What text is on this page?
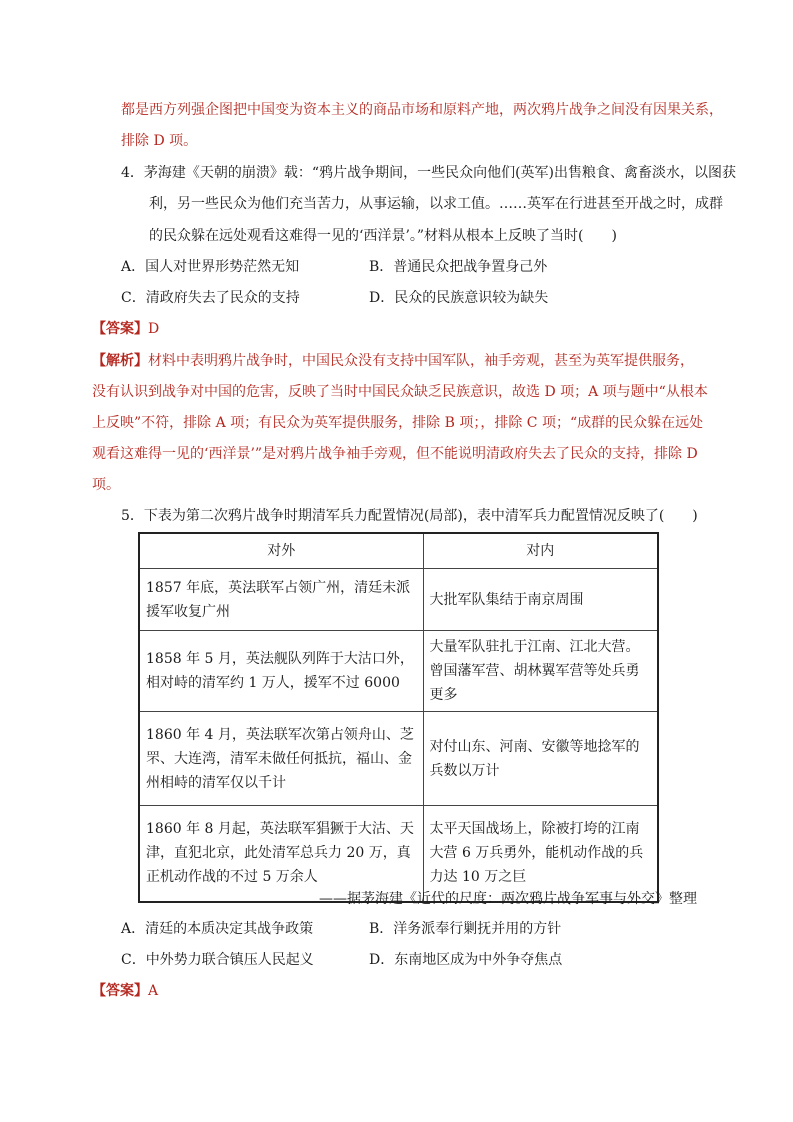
都是西方列强企图把中国变为资本主义的商品市场和原料产地，两次鸦片战争之间没有因果关系，
排除 D 项。
4．茅海建《天朝的崩溃》载：“鸦片战争期间，一些民众向他们(英军)出售粮食、禽畜淡水，以图获
利，另一些民众为他们充当苦力，从事运输，以求工值。……英军在行进甚至开战之时，成群
的民众躲在远处观看这难得一见的‘西洋景’。”材料从根本上反映了当时(　　)
A．国人对世界形势茫然无知	B．普通民众把战争置身己外
C．清政府失去了民众的支持	D．民众的民族意识较为缺失
【答案】D
【解析】材料中表明鸦片战争时，中国民众没有支持中国军队，袖手旁观，甚至为英军提供服务，
没有认识到战争对中国的危害，反映了当时中国民众缺乏民族意识，故选 D 项；A 项与题中“从根本
上反映”不符，排除 A 项；有民众为英军提供服务，排除 B 项；，排除 C 项；“成群的民众躲在远处
观看这难得一见的‘西洋景’”是对鸦片战争袖手旁观，但不能说明清政府失去了民众的支持，排除 D
项。
5．下表为第二次鸦片战争时期清军兵力配置情况(局部)，表中清军兵力配置情况反映了(　　)
对外	对内
1857 年底，英法联军占领广州，清廷未派援军收复广州	大批军队集结于南京周围
1858 年 5 月，英法舰队列阵于大沽口外，相对峙的清军约 1 万人，援军不过 6000	大量军队驻扎于江南、江北大营。曾国藩军营、胡林翼军营等处兵勇更多
1860 年 4 月，英法联军次第占领舟山、芝罘、大连湾，清军未做任何抵抗，福山、金州相峙的清军仅以千计	对付山东、河南、安徽等地捻军的兵数以万计
1860 年 8 月起，英法联军猖獗于大沽、天津，直犯北京，此处清军总兵力 20 万，真正机动作战的不过 5 万余人	太平天国战场上，除被打垮的江南大营 6 万兵勇外，能机动作战的兵力达 10 万之巨
——据茅海建《近代的尺度：两次鸦片战争军事与外交》整理
A．清廷的本质决定其战争政策	B．洋务派奉行剿抚并用的方针
C．中外势力联合镇压人民起义	D．东南地区成为中外争夺焦点
【答案】A
